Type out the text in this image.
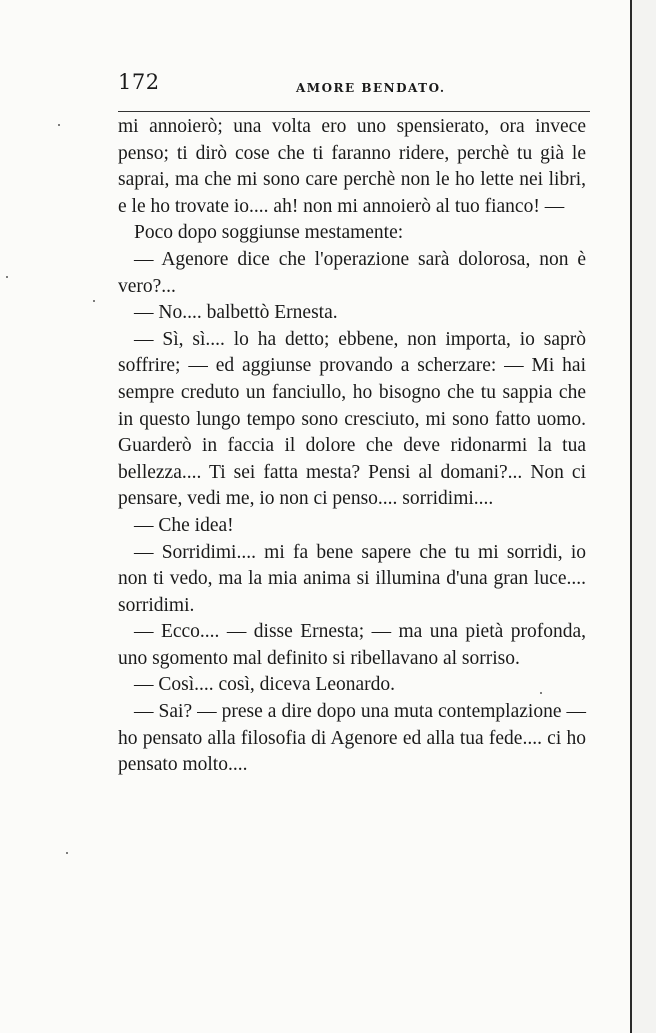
172	AMORE BENDATO.

mi annoierò; una volta ero uno spensierato, ora invece penso; ti dirò cose che ti faranno ridere, perchè tu già le saprai, ma che mi sono care perchè non le ho lette nei libri, e le ho trovate io.... ah! non mi annoierò al tuo fianco! —

Poco dopo soggiunse mestamente:

— Agenore dice che l'operazione sarà dolorosa, non è vero?...

— No.... balbettò Ernesta.

— Sì, sì.... lo ha detto; ebbene, non importa, io saprò soffrire; — ed aggiunse provando a scherzare: — Mi hai sempre creduto un fanciullo, ho bisogno che tu sappia che in questo lungo tempo sono cresciuto, mi sono fatto uomo. Guarderò in faccia il dolore che deve ridonarmi la tua bellezza.... Ti sei fatta mesta? Pensi al domani?... Non ci pensare, vedi me, io non ci penso.... sorridimi....

— Che idea!

— Sorridimi.... mi fa bene sapere che tu mi sorridi, io non ti vedo, ma la mia anima si illumina d'una gran luce.... sorridimi.

— Ecco.... — disse Ernesta; — ma una pietà profonda, uno sgomento mal definito si ribellavano al sorriso.

— Così.... così, diceva Leonardo.

— Sai? — prese a dire dopo una muta contemplazione — ho pensato alla filosofia di Agenore ed alla tua fede.... ci ho pensato molto....
